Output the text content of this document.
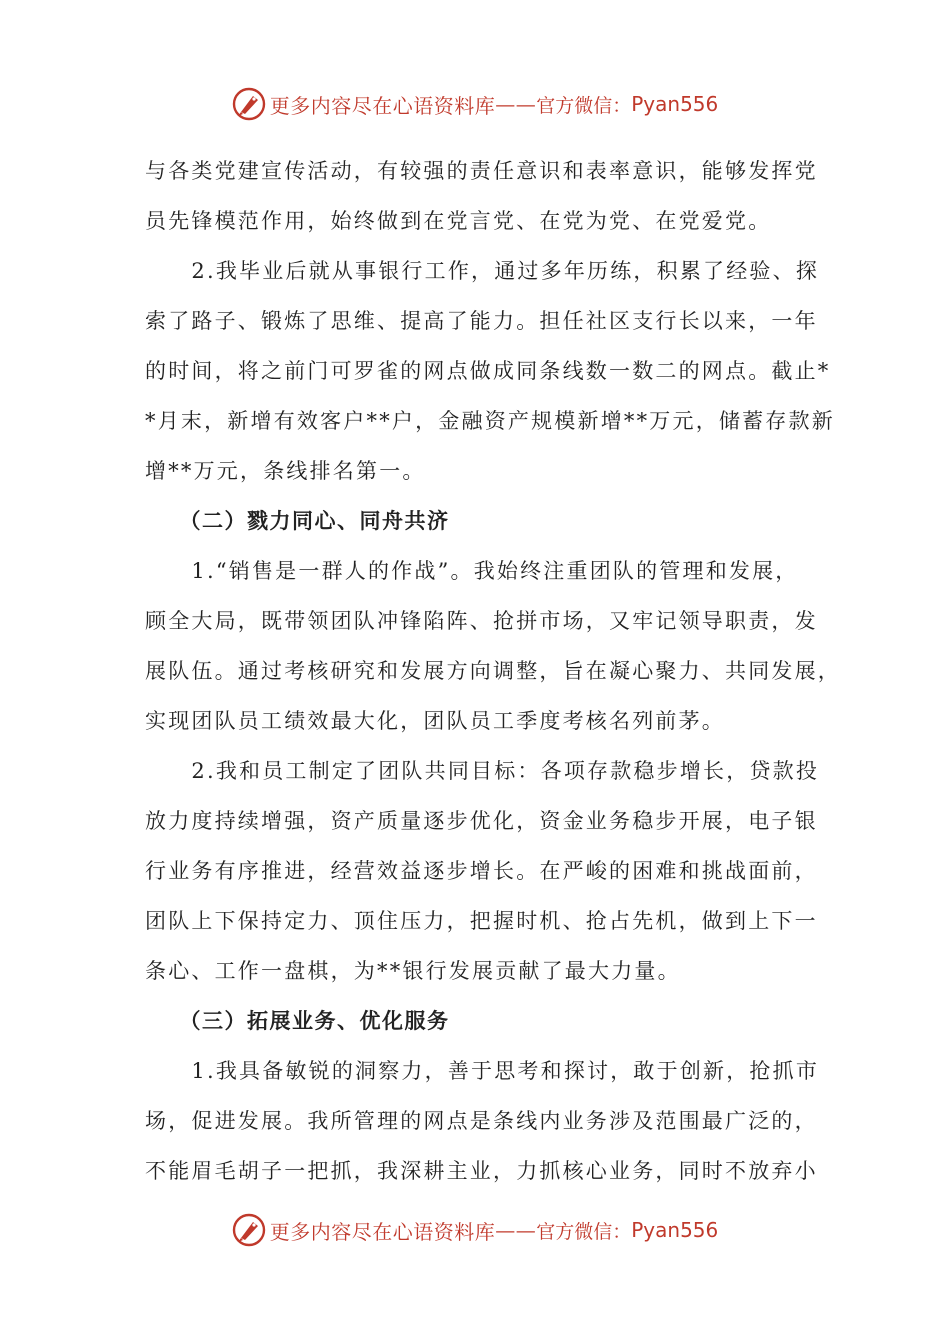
更多内容尽在心语资料库 —— 官方微信： Pyan556
与各类党建宣传活动，有较强的责任意识和表率意识，能够发挥党
员先锋模范作用，始终做到在党言党、在党为党、在党爱党。
　　2.我毕业后就从事银行工作，通过多年历练，积累了经验、探
索了路子、锻炼了思维、提高了能力。担任社区支行长以来，一年
的时间，将之前门可罗雀的网点做成同条线数一数二的网点。截止*
*月末，新增有效客户**户，金融资产规模新增**万元，储蓄存款新
增**万元，条线排名第一。
　　（二）戮力同心、同舟共济
　　1.“销售是一群人的作战”。我始终注重团队的管理和发展，
顾全大局，既带领团队冲锋陷阵、抢拼市场，又牢记领导职责，发
展队伍。通过考核研究和发展方向调整，旨在凝心聚力、共同发展，
实现团队员工绩效最大化，团队员工季度考核名列前茅。
　　2.我和员工制定了团队共同目标：各项存款稳步增长，贷款投
放力度持续增强，资产质量逐步优化，资金业务稳步开展，电子银
行业务有序推进，经营效益逐步增长。在严峻的困难和挑战面前，
团队上下保持定力、顶住压力，把握时机、抢占先机，做到上下一
条心、工作一盘棋，为**银行发展贡献了最大力量。
　　（三）拓展业务、优化服务
　　1.我具备敏锐的洞察力，善于思考和探讨，敢于创新，抢抓市
场，促进发展。我所管理的网点是条线内业务涉及范围最广泛的，
不能眉毛胡子一把抓，我深耕主业，力抓核心业务，同时不放弃小
更多内容尽在心语资料库 —— 官方微信： Pyan556
